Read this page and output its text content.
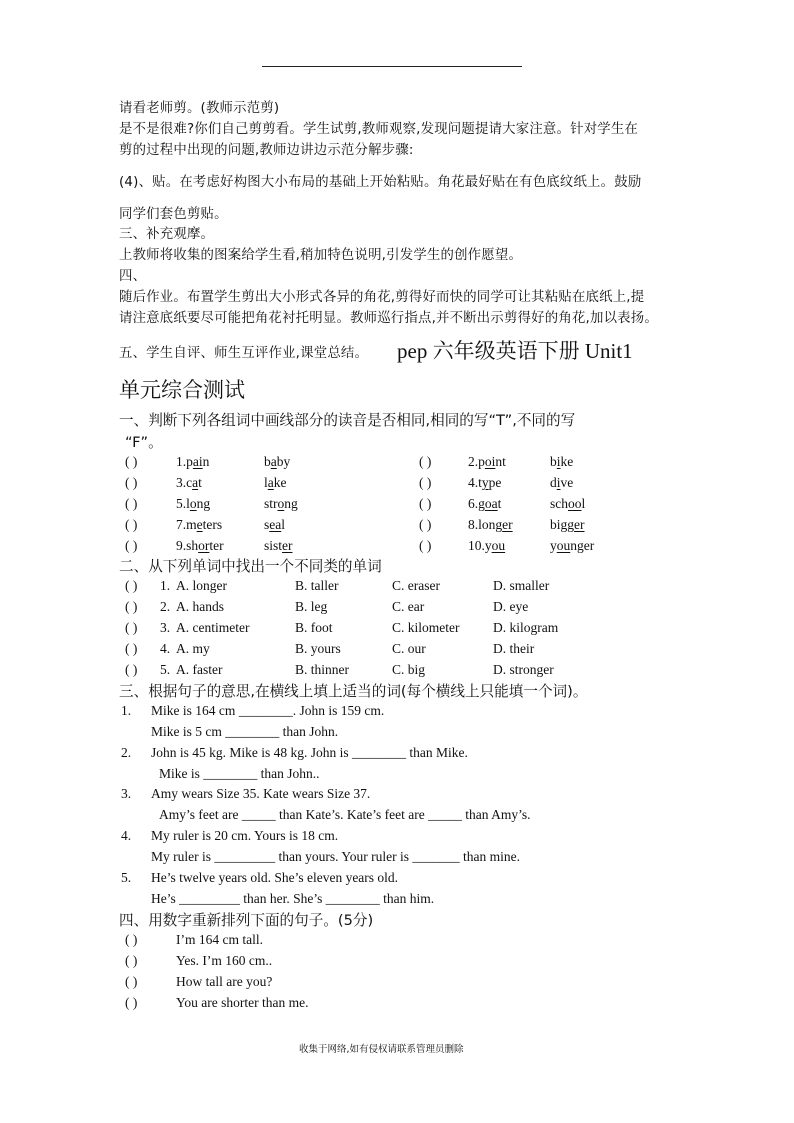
请看老师剪。(教师示范剪)
是不是很难?你们自己剪剪看。学生试剪,教师观察,发现问题提请大家注意。针对学生在
剪的过程中出现的问题,教师边讲边示范分解步骤:
(4)、贴。在考虑好构图大小布局的基础上开始粘贴。角花最好贴在有色底纹纸上。鼓励
同学们套色剪贴。
三、补充观摩。
上教师将收集的图案给学生看,稍加特色说明,引发学生的创作愿望。
四、
随后作业。布置学生剪出大小形式各异的角花,剪得好而快的同学可让其粘贴在底纸上,提
请注意底纸要尽可能把角花衬托明显。教师巡行指点,并不断出示剪得好的角花,加以表扬。
五、学生自评、师生互评作业,课堂总结。 pep 六年级英语下册 Unit1
单元综合测试
一、判断下列各组词中画线部分的读音是否相同,相同的写“T”,不同的写
“F”。
( )	1.pain	baby	( )	2.point	bike
( )	3.cat	lake	( )	4.type	dive
( )	5.long	strong	( )	6.goat	school
( )	7.meters	seal	( )	8.longer	bigger
( )	9.shorter	sister	( )	10.you	younger
二、从下列单词中找出一个不同类的单词
( ) 1. A. longer	B. taller	C. eraser	D. smaller
( ) 2. A. hands	B. leg	C. ear	D. eye
( ) 3. A. centimeter	B. foot	C. kilometer D. kilogram
( ) 4. A. my	B. yours	C. our	D. their
( ) 5. A. faster	B. thinner	C. big	D. stronger
三、根据句子的意思,在横线上填上适当的词(每个横线上只能填一个词)。
1. Mike is 164 cm ________. John is 159 cm.
Mike is 5 cm ________ than John.
2. John is 45 kg. Mike is 48 kg. John is ________ than Mike.
Mike is ________ than John..
3. Amy wears Size 35. Kate wears Size 37.
Amy’s feet are _____ than Kate’s. Kate’s feet are _____ than Amy’s.
4. My ruler is 20 cm. Yours is 18 cm.
My ruler is _________ than yours. Your ruler is _______ than mine.
5. He’s twelve years old. She’s eleven years old.
He’s _________ than her. She’s ________ than him.
四、用数字重新排列下面的句子。(5分)
( )	I’m 164 cm tall.
( )	Yes. I’m 160 cm..
( )	How tall are you?
( )	You are shorter than me.
收集于网络,如有侵权请联系管理员删除
